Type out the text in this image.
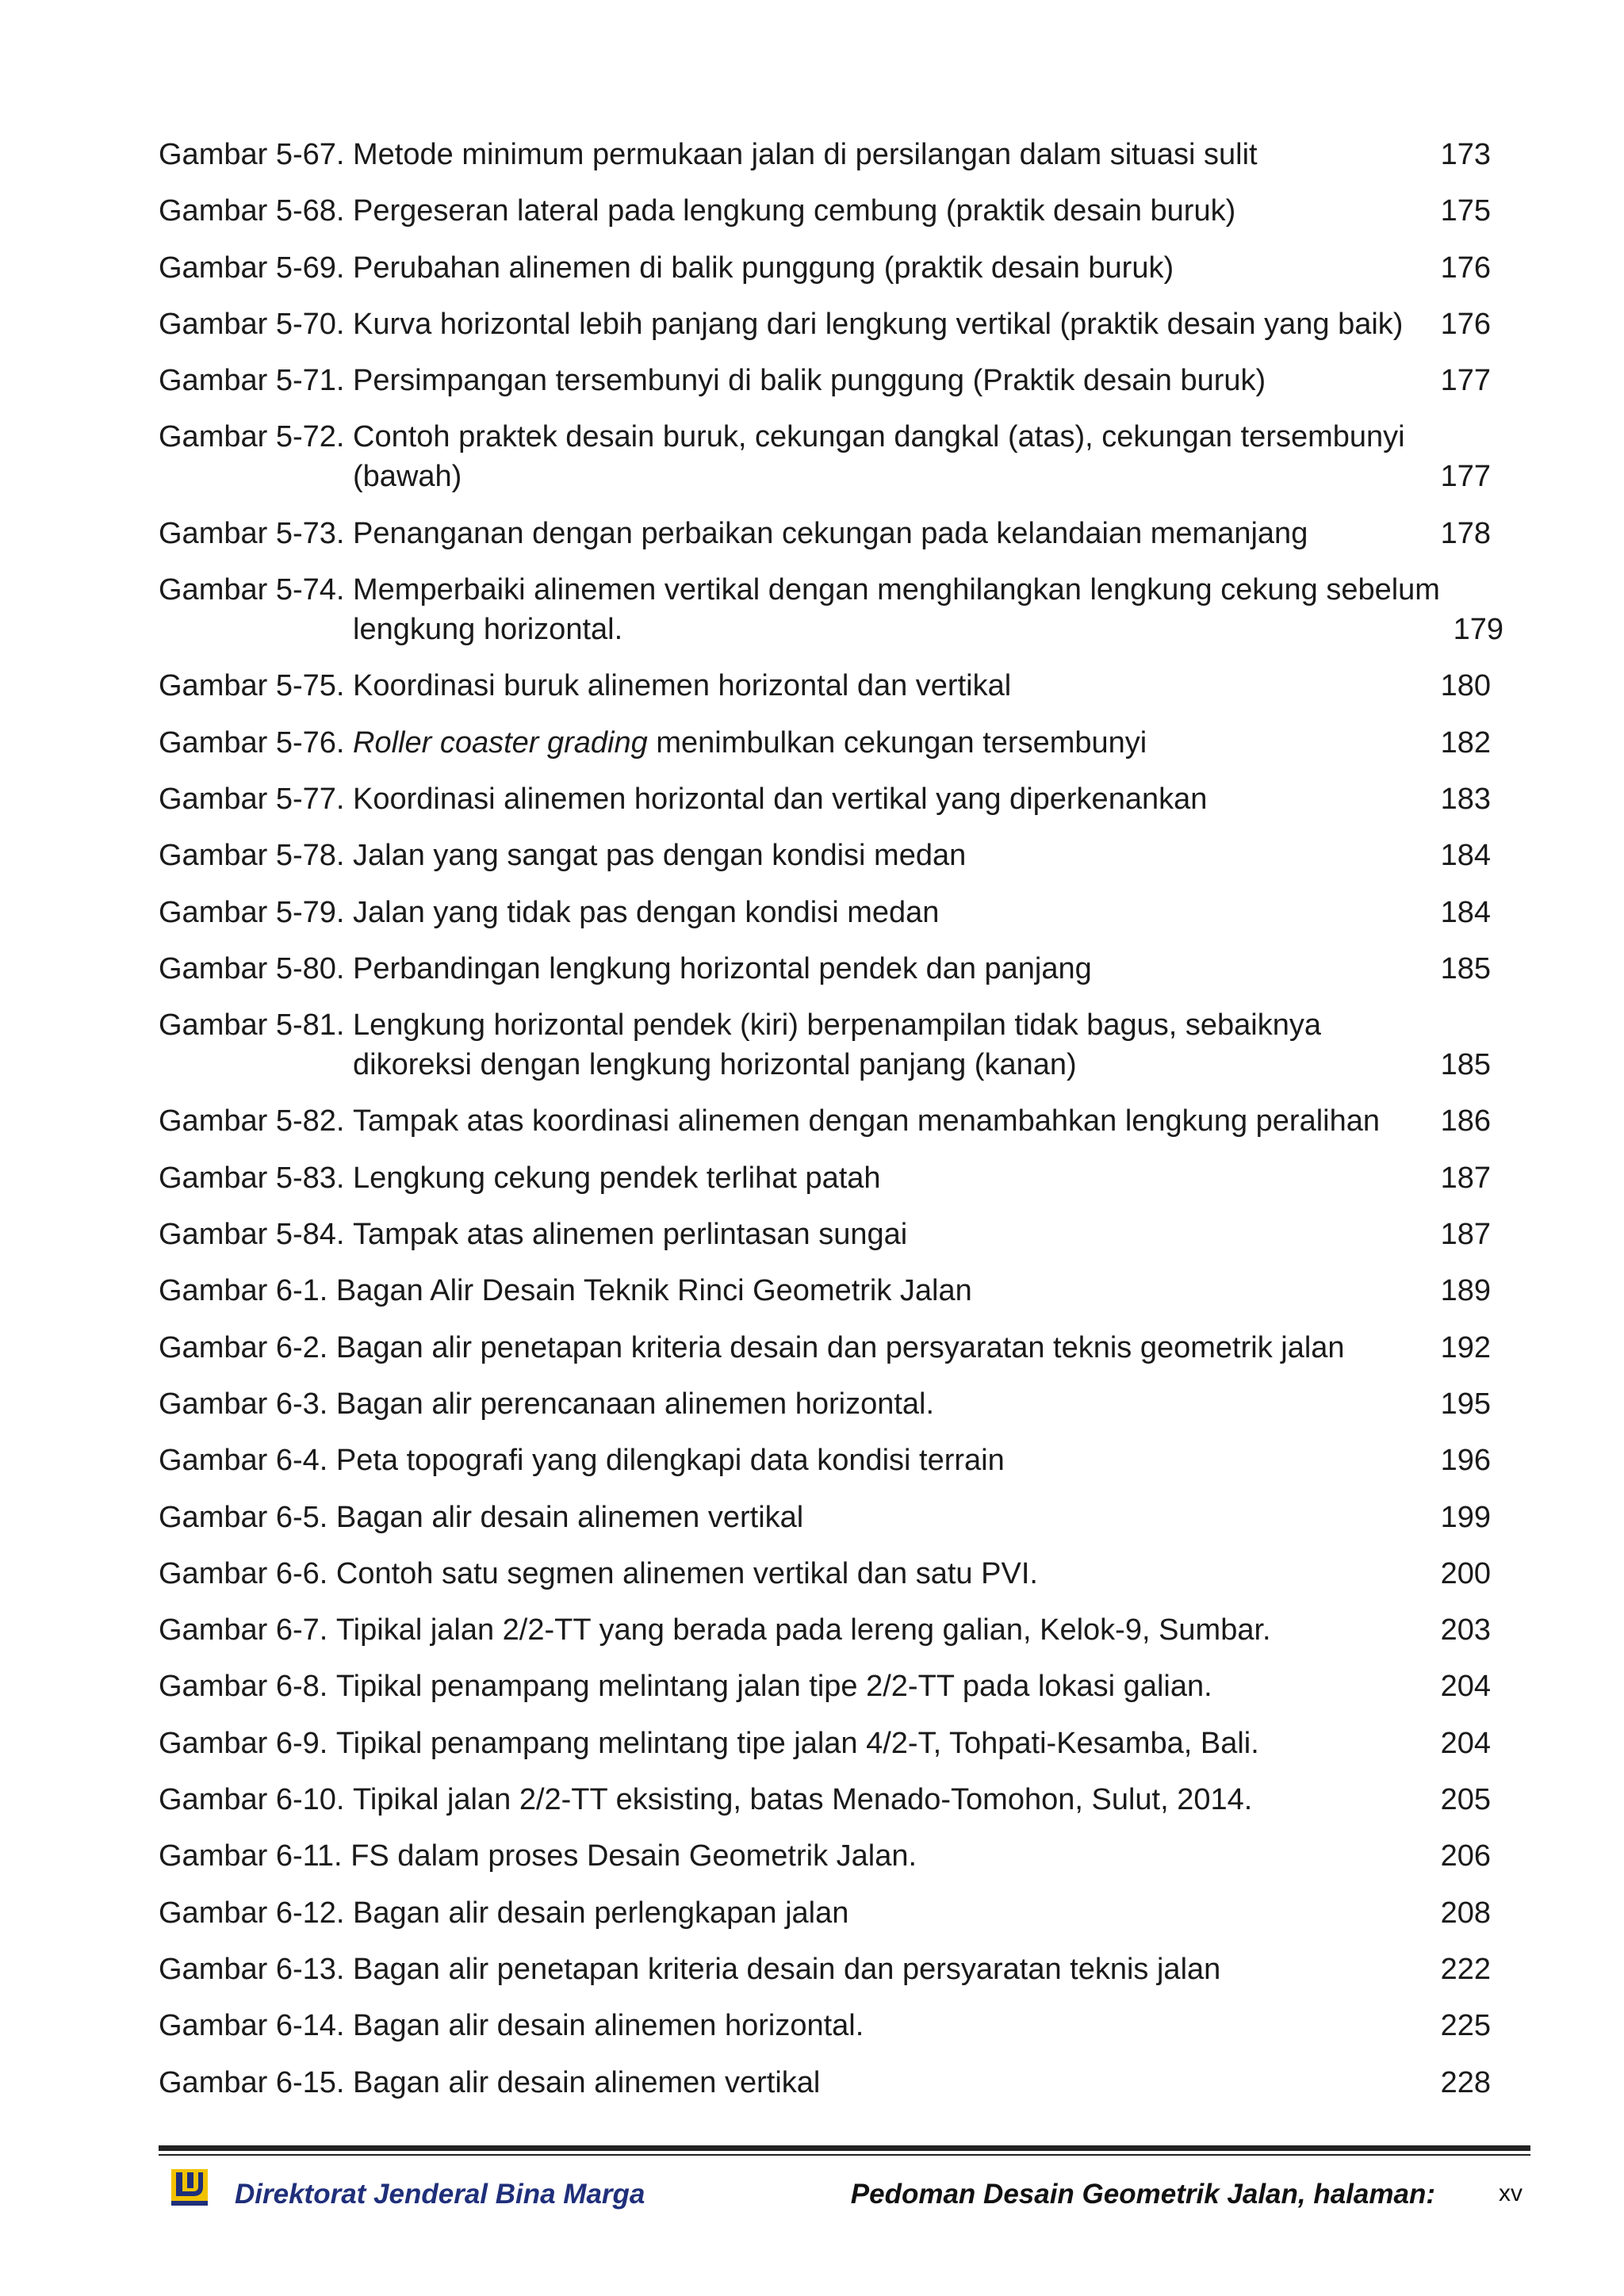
Gambar 5-67.
Metode minimum permukaan jalan di persilangan dalam situasi sulit	173
Gambar 5-68.
Pergeseran lateral pada lengkung cembung (praktik desain buruk)	175
Gambar 5-69.
Perubahan alinemen di balik punggung (praktik desain buruk)	176
Gambar 5-70.
Kurva horizontal lebih panjang dari lengkung vertikal (praktik desain yang baik)	176
Gambar 5-71.
Persimpangan tersembunyi di balik punggung (Praktik desain buruk)	177
Gambar 5-72.
Contoh praktek desain buruk, cekungan dangkal (atas), cekungan tersembunyi
(bawah)	177
Gambar 5-73.
Penanganan dengan perbaikan cekungan pada kelandaian memanjang	178
Gambar 5-74.
Memperbaiki alinemen vertikal dengan menghilangkan lengkung cekung sebelum
lengkung horizontal.	179
Gambar 5-75.
Koordinasi buruk alinemen horizontal dan vertikal	180
Gambar 5-76.
Roller coaster grading menimbulkan cekungan tersembunyi	182
Gambar 5-77.
Koordinasi alinemen horizontal dan vertikal yang diperkenankan	183
Gambar 5-78.
Jalan yang sangat pas dengan kondisi medan	184
Gambar 5-79.
Jalan yang tidak pas dengan kondisi medan	184
Gambar 5-80.
Perbandingan lengkung horizontal pendek dan panjang	185
Gambar 5-81.
Lengkung horizontal pendek (kiri) berpenampilan tidak bagus, sebaiknya
dikoreksi dengan lengkung horizontal panjang (kanan)	185
Gambar 5-82.
Tampak atas koordinasi alinemen dengan menambahkan lengkung peralihan	186
Gambar 5-83.
Lengkung cekung pendek terlihat patah	187
Gambar 5-84.
Tampak atas alinemen perlintasan sungai	187
Gambar 6-1.
Bagan Alir Desain Teknik Rinci Geometrik Jalan	189
Gambar 6-2.
Bagan alir penetapan kriteria desain dan persyaratan teknis geometrik jalan	192
Gambar 6-3.
Bagan alir perencanaan alinemen horizontal.	195
Gambar 6-4.
Peta topografi yang dilengkapi data kondisi terrain	196
Gambar 6-5.
Bagan alir desain alinemen vertikal	199
Gambar 6-6.
Contoh satu segmen alinemen vertikal dan satu PVI.	200
Gambar 6-7.
Tipikal jalan 2/2-TT yang berada pada lereng galian, Kelok-9, Sumbar.	203
Gambar 6-8.
Tipikal penampang melintang jalan tipe 2/2-TT pada lokasi galian.	204
Gambar 6-9.
Tipikal penampang melintang tipe jalan 4/2-T, Tohpati-Kesamba, Bali.	204
Gambar 6-10.
Tipikal jalan 2/2-TT eksisting, batas Menado-Tomohon, Sulut, 2014.	205
Gambar 6-11.
FS dalam proses Desain Geometrik Jalan.	206
Gambar 6-12.
Bagan alir desain perlengkapan jalan	208
Gambar 6-13.
Bagan alir penetapan kriteria desain dan persyaratan teknis jalan	222
Gambar 6-14.
Bagan alir desain alinemen horizontal.	225
Gambar 6-15.
Bagan alir desain alinemen vertikal	228
Direktorat Jenderal Bina Marga	Pedoman Desain Geometrik Jalan, halaman:	xv
